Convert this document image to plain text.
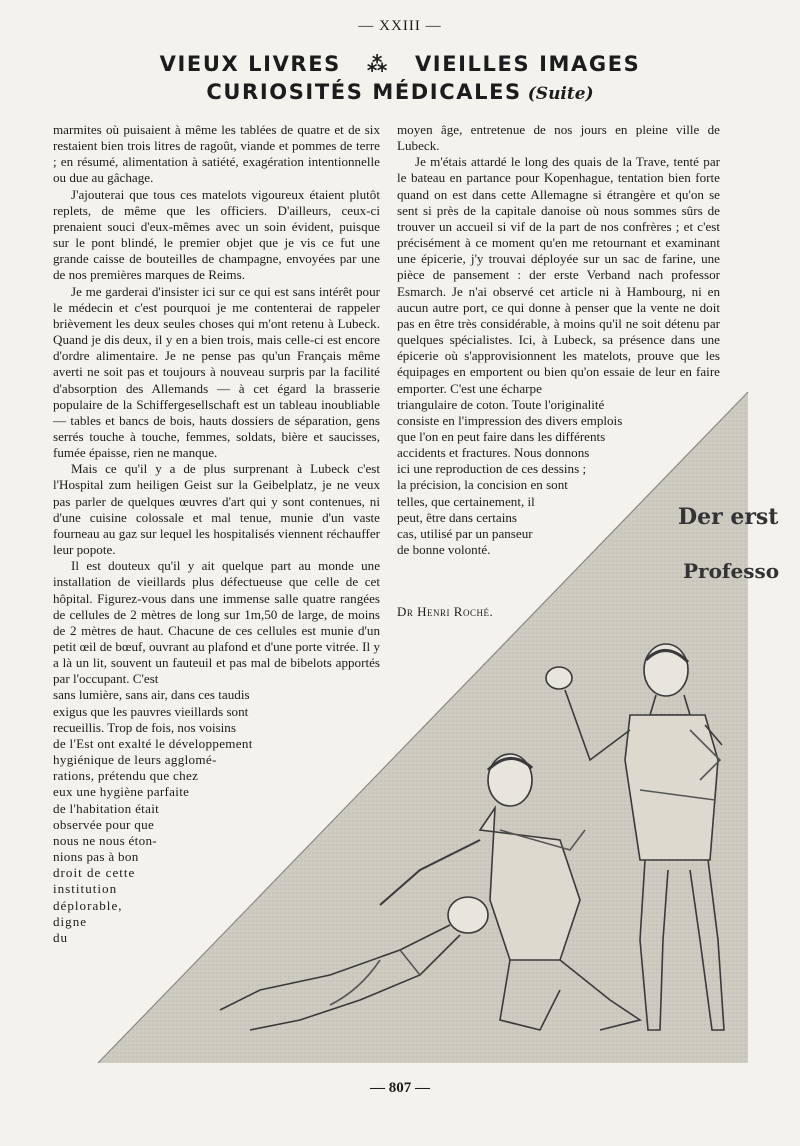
Der erst
Professo
— XXIII —
VIEUX LIVRES ⁂ VIEILLES IMAGES
CURIOSITÉS MÉDICALES (Suite)

marmites où puisaient à même les tablées de quatre et de six restaient bien trois litres de ragoût, viande et pommes de terre ; en résumé, alimentation à satiété, exagération intentionnelle ou due au gâchage.

J'ajouterai que tous ces matelots vigoureux étaient plutôt replets, de même que les officiers. D'ailleurs, ceux-ci prenaient souci d'eux-mêmes avec un soin évident, puisque sur le pont blindé, le premier objet que je vis ce fut une grande caisse de bouteilles de champagne, envoyées par une de nos premières marques de Reims.

Je me garderai d'insister ici sur ce qui est sans intérêt pour le médecin et c'est pourquoi je me contenterai de rappeler brièvement les deux seules choses qui m'ont retenu à Lubeck. Quand je dis deux, il y en a bien trois, mais celle-ci est encore d'ordre alimentaire. Je ne pense pas qu'un Français même averti ne soit pas et toujours à nouveau surpris par la facilité d'absorption des Allemands — à cet égard la brasserie populaire de la Schiffergesellschaft est un tableau inoubliable — tables et bancs de bois, hauts dossiers de séparation, gens serrés touche à touche, femmes, soldats, bière et saucisses, fumée épaisse, rien ne manque.

Mais ce qu'il y a de plus surprenant à Lubeck c'est l'Hospital zum heiligen Geist sur la Geibelplatz, je ne veux pas parler de quelques œuvres d'art qui y sont contenues, ni d'une cuisine colossale et mal tenue, munie d'un vaste fourneau au gaz sur lequel les hospitalisés viennent réchauffer leur popote.

Il est douteux qu'il y ait quelque part au monde une installation de vieillards plus défectueuse que celle de cet hôpital. Figurez-vous dans une immense salle quatre rangées de cellules de 2 mètres de long sur 1m,50 de large, de moins de 2 mètres de haut. Chacune de ces cellules est munie d'un petit œil de bœuf, ouvrant au plafond et d'une porte vitrée. Il y a là un lit, souvent un fauteuil et pas mal de bibelots apportés par l'occupant. C'est

sans lumière, sans air, dans ces taudis

exigus que les pauvres vieillards sont

recueillis. Trop de fois, nos voisins

de l'Est ont exalté le développement

hygiénique de leurs agglomé-

rations, prétendu que chez

eux une hygiène parfaite

de l'habitation était

observée pour que

nous ne nous éton-

nions pas à bon

droit de cette

institution

déplorable,

digne

du

moyen âge, entretenue de nos jours en pleine ville de Lubeck.

Je m'étais attardé le long des quais de la Trave, tenté par le bateau en partance pour Kopenhague, tentation bien forte quand on est dans cette Allemagne si étrangère et qu'on se sent si près de la capitale danoise où nous sommes sûrs de trouver un accueil si vif de la part de nos confrères ; et c'est précisément à ce moment qu'en me retournant et examinant une épicerie, j'y trouvai déployée sur un sac de farine, une pièce de pansement : der erste Verband nach professor Esmarch. Je n'ai observé cet article ni à Hambourg, ni en aucun autre port, ce qui donne à penser que la vente ne doit pas en être très considérable, à moins qu'il ne soit détenu par quelques spécialistes. Ici, à Lubeck, sa présence dans une épicerie où s'approvisionnent les matelots, prouve que les équipages en emportent ou bien qu'on essaie de leur en faire emporter. C'est une écharpe

triangulaire de coton. Toute l'originalité

consiste en l'impression des divers emplois

que l'on en peut faire dans les différents

accidents et fractures. Nous donnons

ici une reproduction de ces dessins ;

la précision, la concision en sont

telles, que certainement, il

peut, être dans certains

cas, utilisé par un panseur

de bonne volonté.

Dr Henri Roché.
— 807 —
